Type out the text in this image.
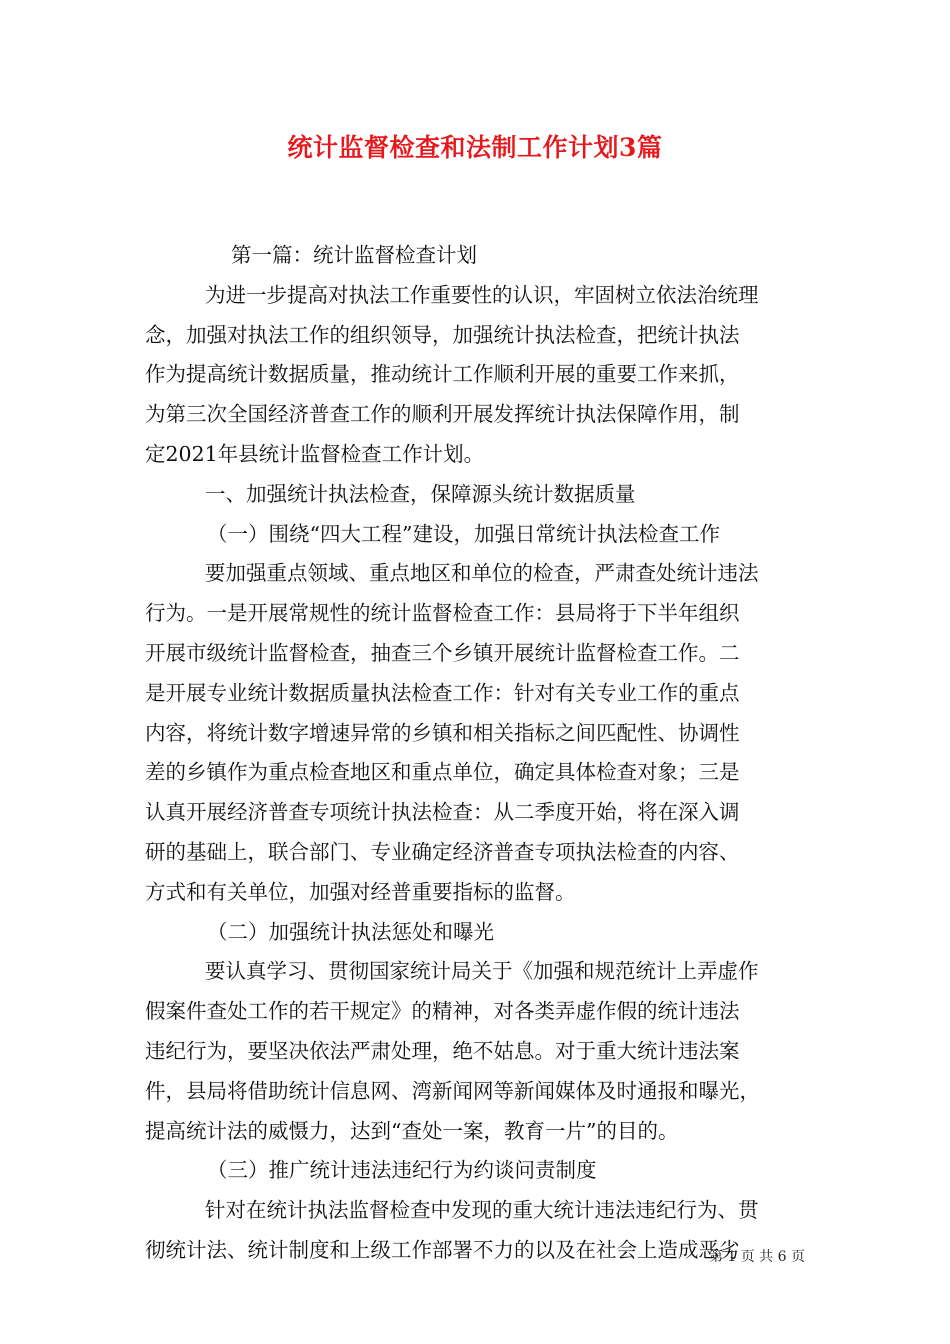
统计监督检查和法制工作计划3篇

第一篇：统计监督检查计划

为进一步提高对执法工作重要性的认识，牢固树立依法治统理

念，加强对执法工作的组织领导，加强统计执法检查，把统计执法

作为提高统计数据质量，推动统计工作顺利开展的重要工作来抓，

为第三次全国经济普查工作的顺利开展发挥统计执法保障作用，制

定2021年县统计监督检查工作计划。

一、加强统计执法检查，保障源头统计数据质量

（一）围绕“四大工程”建设，加强日常统计执法检查工作

要加强重点领域、重点地区和单位的检查，严肃查处统计违法

行为。一是开展常规性的统计监督检查工作：县局将于下半年组织

开展市级统计监督检查，抽查三个乡镇开展统计监督检查工作。二

是开展专业统计数据质量执法检查工作：针对有关专业工作的重点

内容，将统计数字增速异常的乡镇和相关指标之间匹配性、协调性

差的乡镇作为重点检查地区和重点单位，确定具体检查对象；三是

认真开展经济普查专项统计执法检查：从二季度开始，将在深入调

研的基础上，联合部门、专业确定经济普查专项执法检查的内容、

方式和有关单位，加强对经普重要指标的监督。

（二）加强统计执法惩处和曝光

要认真学习、贯彻国家统计局关于《加强和规范统计上弄虚作

假案件查处工作的若干规定》的精神，对各类弄虚作假的统计违法

违纪行为，要坚决依法严肃处理，绝不姑息。对于重大统计违法案

件，县局将借助统计信息网、湾新闻网等新闻媒体及时通报和曝光，

提高统计法的威慑力，达到“查处一案，教育一片”的目的。

（三）推广统计违法违纪行为约谈问责制度

针对在统计执法监督检查中发现的重大统计违法违纪行为、贯

彻统计法、统计制度和上级工作部署不力的以及在社会上造成恶劣

第 1 页 共 6 页
